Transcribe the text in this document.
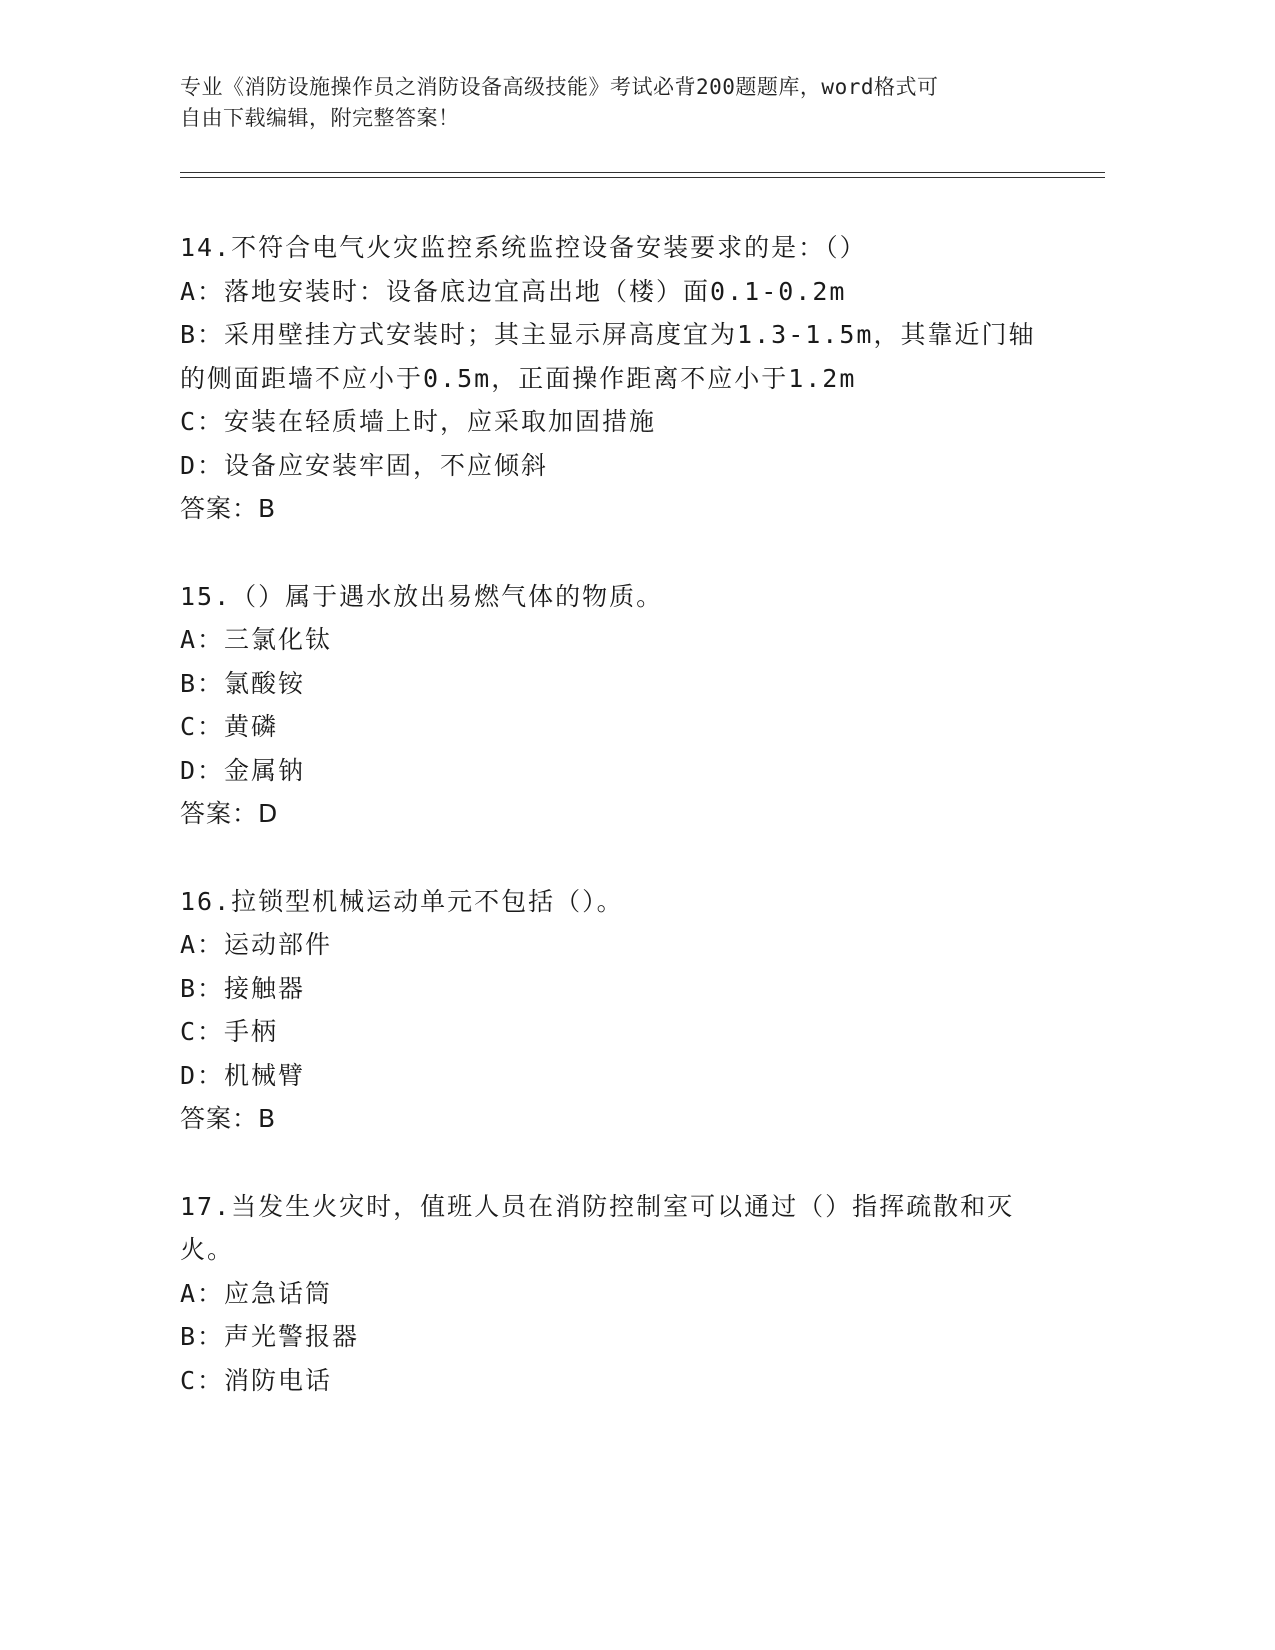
专业《消防设施操作员之消防设备高级技能》考试必背200题题库，word格式可
自由下载编辑，附完整答案！
14.不符合电气火灾监控系统监控设备安装要求的是：（）
A：落地安装时：设备底边宜高出地（楼）面0.1-0.2m
B：采用壁挂方式安装时；其主显示屏高度宜为1.3-1.5m，其靠近门轴的侧面距墙不应小于0.5m，正面操作距离不应小于1.2m
C：安装在轻质墙上时，应采取加固措施
D：设备应安装牢固，不应倾斜
答案：B
15.（）属于遇水放出易燃气体的物质。
A：三氯化钛
B：氯酸铵
C：黄磷
D：金属钠
答案：D
16.拉锁型机械运动单元不包括（）。
A：运动部件
B：接触器
C：手柄
D：机械臂
答案：B
17.当发生火灾时，值班人员在消防控制室可以通过（）指挥疏散和灭火。
A：应急话筒
B：声光警报器
C：消防电话
